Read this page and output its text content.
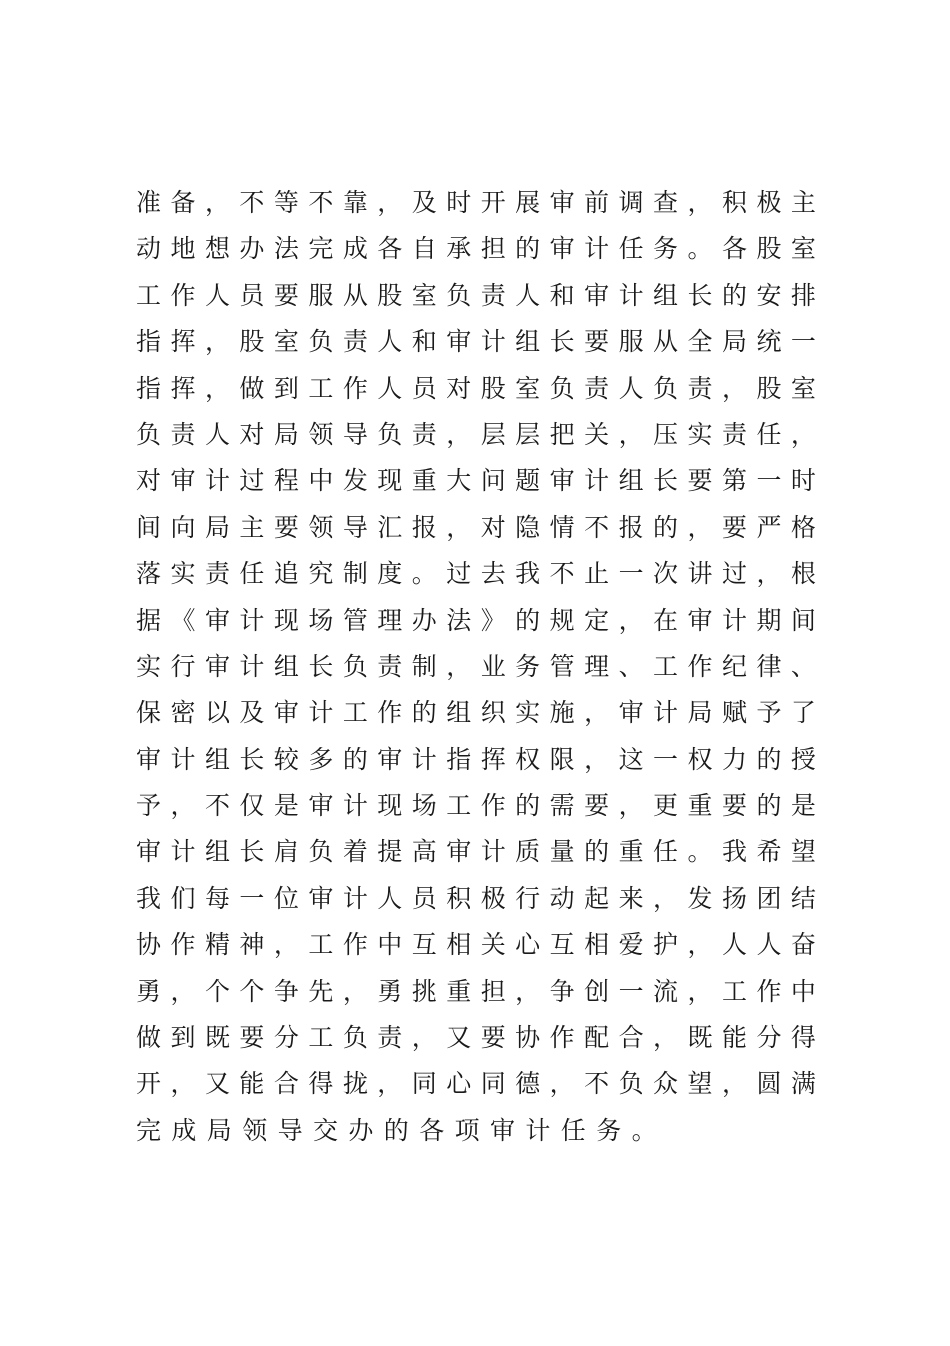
准 备 ， 不 等 不 靠 ， 及 时 开 展 审 前 调 查 ， 积 极 主
动 地 想 办 法 完 成 各 自 承 担 的 审 计 任 务 。 各 股 室
工 作 人 员 要 服 从 股 室 负 责 人 和 审 计 组 长 的 安 排
指 挥 ， 股 室 负 责 人 和 审 计 组 长 要 服 从 全 局 统 一
指 挥 ， 做 到 工 作 人 员 对 股 室 负 责 人 负 责 ， 股 室
负 责 人 对 局 领 导 负 责 ， 层 层 把 关 ， 压 实 责 任 ，
对 审 计 过 程 中 发 现 重 大 问 题 审 计 组 长 要 第 一 时
间 向 局 主 要 领 导 汇 报 ， 对 隐 情 不 报 的 ， 要 严 格
落 实 责 任 追 究 制 度 。 过 去 我 不 止 一 次 讲 过 ， 根
据 《 审 计 现 场 管 理 办 法 》 的 规 定 ， 在 审 计 期 间
实 行 审 计 组 长 负 责 制 ， 业 务 管 理 、 工 作 纪 律 、
保 密 以 及 审 计 工 作 的 组 织 实 施 ， 审 计 局 赋 予 了
审 计 组 长 较 多 的 审 计 指 挥 权 限 ， 这 一 权 力 的 授
予 ， 不 仅 是 审 计 现 场 工 作 的 需 要 ， 更 重 要 的 是
审 计 组 长 肩 负 着 提 高 审 计 质 量 的 重 任 。 我 希 望
我 们 每 一 位 审 计 人 员 积 极 行 动 起 来 ， 发 扬 团 结
协 作 精 神 ， 工 作 中 互 相 关 心 互 相 爱 护 ， 人 人 奋
勇 ， 个 个 争 先 ， 勇 挑 重 担 ， 争 创 一 流 ， 工 作 中
做 到 既 要 分 工 负 责 ， 又 要 协 作 配 合 ， 既 能 分 得
开 ， 又 能 合 得 拢 ， 同 心 同 德 ， 不 负 众 望 ， 圆 满
完成局领导交办的各项审计任务。
